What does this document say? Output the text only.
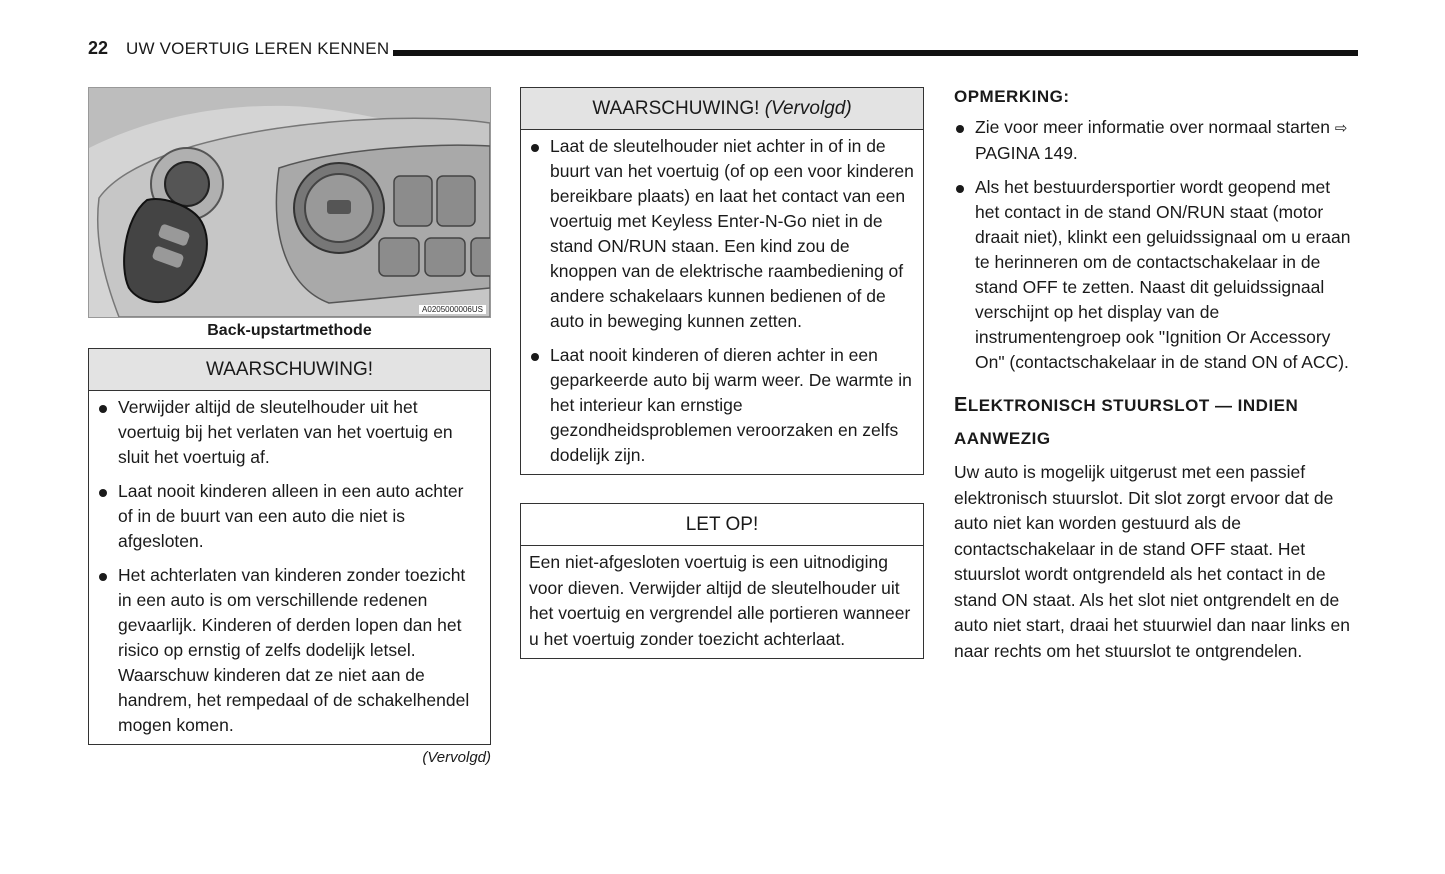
22 UW VOERTUIG LEREN KENNEN
A0205000006US
Back-upstartmethode
WAARSCHUWING!
Verwijder altijd de sleutelhouder uit het voertuig bij het verlaten van het voertuig en sluit het voertuig af.
Laat nooit kinderen alleen in een auto achter of in de buurt van een auto die niet is afgesloten.
Het achterlaten van kinderen zonder toezicht in een auto is om verschillende redenen gevaarlijk. Kinderen of derden lopen dan het risico op ernstig of zelfs dodelijk letsel. Waarschuw kinderen dat ze niet aan de handrem, het rempedaal of de schakelhendel mogen komen.
(Vervolgd)
WAARSCHUWING! (Vervolgd)
Laat de sleutelhouder niet achter in of in de buurt van het voertuig (of op een voor kinderen bereikbare plaats) en laat het contact van een voertuig met Keyless Enter-N-Go niet in de stand ON/RUN staan. Een kind zou de knoppen van de elektrische raambediening of andere schakelaars kunnen bedienen of de auto in beweging kunnen zetten.
Laat nooit kinderen of dieren achter in een geparkeerde auto bij warm weer. De warmte in het interieur kan ernstige gezondheidsproblemen veroorzaken en zelfs dodelijk zijn.
LET OP!

Een niet-afgesloten voertuig is een uitnodiging voor dieven. Verwijder altijd de sleutelhouder uit het voertuig en vergrendel alle portieren wanneer u het voertuig zonder toezicht achterlaat.

OPMERKING:
Zie voor meer informatie over normaal starten ⇨ PAGINA 149.
Als het bestuurdersportier wordt geopend met het contact in de stand ON/RUN staat (motor draait niet), klinkt een geluidssignaal om u eraan te herinneren om de contactschakelaar in de stand OFF te zetten. Naast dit geluidssignaal verschijnt op het display van de instrumentengroep ook "Ignition Or Accessory On" (contactschakelaar in de stand ON of ACC).
ELEKTRONISCH STUURSLOT — INDIEN AANWEZIG

Uw auto is mogelijk uitgerust met een passief elektronisch stuurslot. Dit slot zorgt ervoor dat de auto niet kan worden gestuurd als de contactschakelaar in de stand OFF staat. Het stuurslot wordt ontgrendeld als het contact in de stand ON staat. Als het slot niet ontgrendelt en de auto niet start, draai het stuurwiel dan naar links en naar rechts om het stuurslot te ontgrendelen.
